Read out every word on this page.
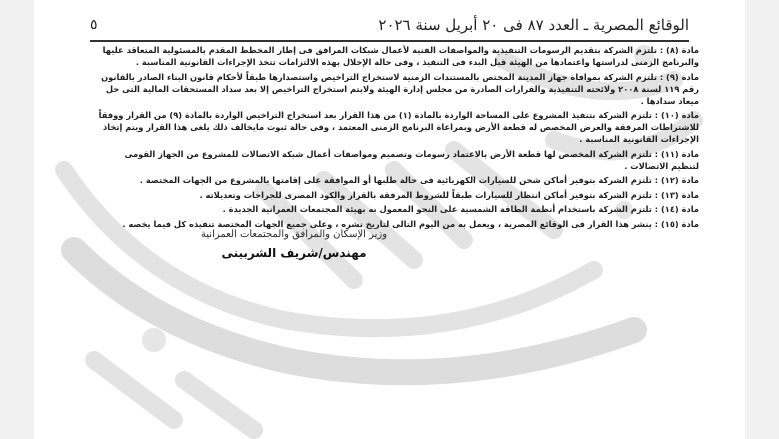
٥	الوقائع المصرية ـ العدد ٨٧ فى ٢٠ أبريل سنة ٢٠٢٦

مادة (٨) : تلتزم الشركة بتقديم الرسومات التنفيذية والمواصفات الفنية لأعمال شبكات المرافق فى إطار المخطط المقدم بالمسئولية المتعاقد عليها والبرنامج الزمنى لدراستها واعتمادها من الهيئة قبل البدء فى التنفيذ ، وفى حالة الإخلال بهذه الالتزامات تتخذ الإجراءات القانونية المناسبة .

مادة (٩) : تلتزم الشركة بموافاة جهاز المدينة المختص بالمستندات الزمنية لاستخراج التراخيص واستصدارها طبقاً لأحكام قانون البناء الصادر بالقانون رقم ١١٩ لسنة ٢٠٠٨ ولائحته التنفيذية والقرارات الصادرة من مجلس إدارة الهيئة ولايتم استخراج التراخيص إلا بعد سداد المستحقات المالية التى حل ميعاد سدادها .

مادة (١٠) : تلتزم الشركة بتنفيذ المشروع على المساحة الواردة بالمادة (١) من هذا القرار بعد استخراج التراخيص الواردة بالمادة (٩) من القرار ووفقاً للاشتراطات المرفقة والعرض المخصص له قطعة الأرض وبمراعاة البرنامج الزمنى المعتمد ، وفى حالة ثبوت مايخالف ذلك يلغى هذا القرار ويتم إتخاذ الإجراءات القانونية المناسبة .

مادة (١١) : تلتزم الشركة المخصص لها قطعة الأرض بالاعتماد رسومات وتصميم ومواصفات أعمال شبكة الاتصالات للمشروع من الجهاز القومى لتنظيم الاتصالات .

مادة (١٢) : تلتزم الشركة بتوفير أماكن شحن للسيارات الكهربائية فى حالة طلبها أو الموافقة على إقامتها بالمشروع من الجهات المختصة .

مادة (١٣) : تلتزم الشركة بتوفير أماكن انتظار للسيارات طبقاً للشروط المرفقة بالقرار والكود المصرى للجراجات وتعديلاته .

مادة (١٤) : تلتزم الشركة باستخدام أنظمة الطاقة الشمسية على النحو المعمول به بهيئة المجتمعات العمرانية الجديدة .

مادة (١٥) : ينشر هذا القرار فى الوقائع المصرية ، ويعمل به من اليوم التالى لتاريخ نشره ، وعلى جميع الجهات المختصة تنفيذه كل فيما يخصه .

وزير الإسكان والمرافق والمجتمعات العمرانية
مهندس/شريف الشربينى
